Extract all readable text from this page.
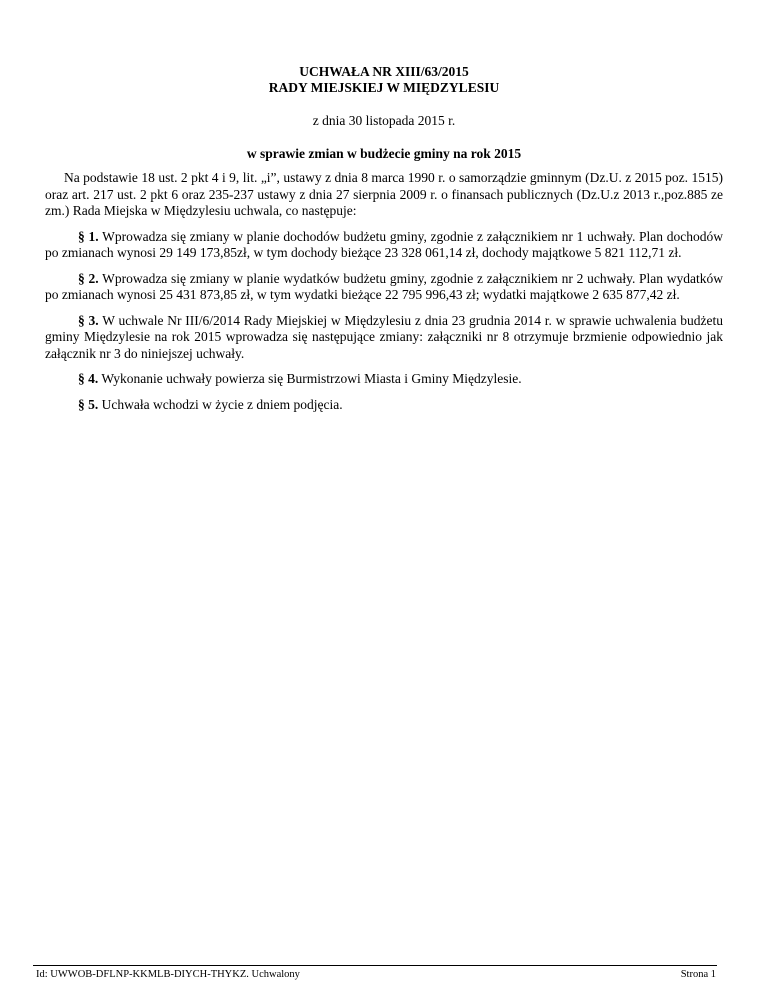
UCHWAŁA NR XIII/63/2015

RADY MIEJSKIEJ W MIĘDZYLESIU

z dnia 30 listopada 2015 r.

w sprawie zmian w budżecie gminy na rok 2015

Na podstawie 18 ust. 2 pkt 4 i 9, lit. „i”, ustawy z dnia 8 marca 1990 r. o samorządzie gminnym (Dz.U. z 2015 poz. 1515) oraz art. 217 ust. 2 pkt 6 oraz 235-237 ustawy z dnia 27 sierpnia 2009 r. o finansach publicznych (Dz.U.z 2013 r.,poz.885 ze zm.) Rada Miejska w Międzylesiu uchwala, co następuje:

§ 1. Wprowadza się zmiany w planie dochodów budżetu gminy, zgodnie z załącznikiem nr 1 uchwały. Plan dochodów po zmianach wynosi 29 149 173,85zł, w tym dochody bieżące 23 328 061,14 zł, dochody majątkowe 5 821 112,71 zł.

§ 2. Wprowadza się zmiany w planie wydatków budżetu gminy, zgodnie z załącznikiem nr 2 uchwały. Plan wydatków po zmianach wynosi 25 431 873,85 zł, w tym wydatki bieżące 22 795 996,43 zł; wydatki majątkowe 2 635 877,42 zł.

§ 3. W uchwale Nr III/6/2014 Rady Miejskiej w Międzylesiu z dnia 23 grudnia 2014 r. w sprawie uchwalenia budżetu gminy Międzylesie na rok 2015 wprowadza się następujące zmiany: załączniki nr 8 otrzymuje brzmienie odpowiednio jak załącznik nr 3 do niniejszej uchwały.

§ 4. Wykonanie uchwały powierza się Burmistrzowi Miasta i Gminy Międzylesie.

§ 5. Uchwała wchodzi w życie z dniem podjęcia.

Id: UWWOB-DFLNP-KKMLB-DIYCH-THYKZ. Uchwalony	Strona 1
